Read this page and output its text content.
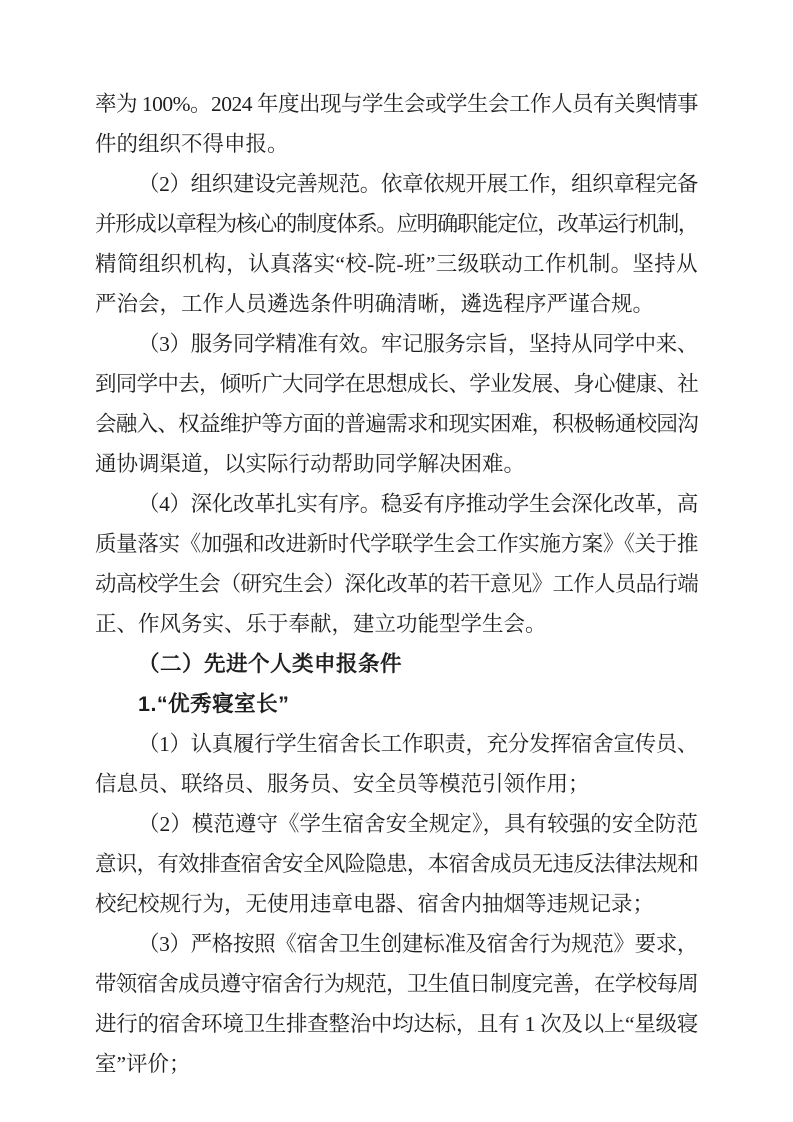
率为 100%。2024 年度出现与学生会或学生会工作人员有关舆情事
件的组织不得申报。
（2）组织建设完善规范。依章依规开展工作，组织章程完备
并形成以章程为核心的制度体系。应明确职能定位，改革运行机制，
精简组织机构，认真落实“校-院-班”三级联动工作机制。坚持从
严治会，工作人员遴选条件明确清晰，遴选程序严谨合规。
（3）服务同学精准有效。牢记服务宗旨，坚持从同学中来、
到同学中去，倾听广大同学在思想成长、学业发展、身心健康、社
会融入、权益维护等方面的普遍需求和现实困难，积极畅通校园沟
通协调渠道，以实际行动帮助同学解决困难。
（4）深化改革扎实有序。稳妥有序推动学生会深化改革，高
质量落实《加强和改进新时代学联学生会工作实施方案》《关于推
动高校学生会（研究生会）深化改革的若干意见》工作人员品行端
正、作风务实、乐于奉献，建立功能型学生会。
（二）先进个人类申报条件
1.“优秀寝室长”
（1）认真履行学生宿舍长工作职责，充分发挥宿舍宣传员、
信息员、联络员、服务员、安全员等模范引领作用；
（2）模范遵守《学生宿舍安全规定》，具有较强的安全防范
意识，有效排查宿舍安全风险隐患，本宿舍成员无违反法律法规和
校纪校规行为，无使用违章电器、宿舍内抽烟等违规记录；
（3）严格按照《宿舍卫生创建标准及宿舍行为规范》要求，
带领宿舍成员遵守宿舍行为规范，卫生值日制度完善，在学校每周
进行的宿舍环境卫生排查整治中均达标，且有 1 次及以上“星级寝
室”评价；
